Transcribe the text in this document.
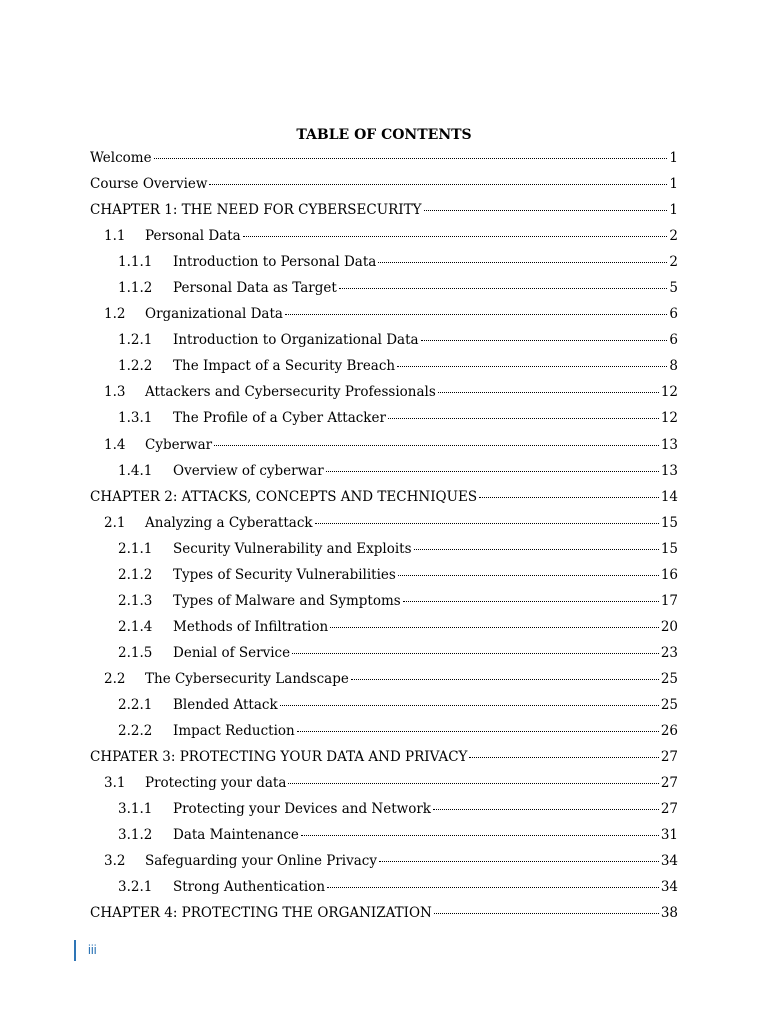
TABLE OF CONTENTS
Welcome	1
Course Overview	1
CHAPTER 1: THE NEED FOR CYBERSECURITY	1
1.1	Personal Data	2
1.1.1	Introduction to Personal Data	2
1.1.2	Personal Data as Target	5
1.2	Organizational Data	6
1.2.1	Introduction to Organizational Data	6
1.2.2	The Impact of a Security Breach	8
1.3	Attackers and Cybersecurity Professionals	12
1.3.1	The Profile of a Cyber Attacker	12
1.4	Cyberwar	13
1.4.1	Overview of cyberwar	13
CHAPTER 2: ATTACKS, CONCEPTS AND TECHNIQUES	14
2.1	Analyzing a Cyberattack	15
2.1.1	Security Vulnerability and Exploits	15
2.1.2	Types of Security Vulnerabilities	16
2.1.3	Types of Malware and Symptoms	17
2.1.4	Methods of Infiltration	20
2.1.5	Denial of Service	23
2.2	The Cybersecurity Landscape	25
2.2.1	Blended Attack	25
2.2.2	Impact Reduction	26
CHPATER 3: PROTECTING YOUR DATA AND PRIVACY	27
3.1	Protecting your data	27
3.1.1	Protecting your Devices and Network	27
3.1.2	Data Maintenance	31
3.2	Safeguarding your Online Privacy	34
3.2.1	Strong Authentication	34
CHAPTER 4: PROTECTING THE ORGANIZATION	38
iii
